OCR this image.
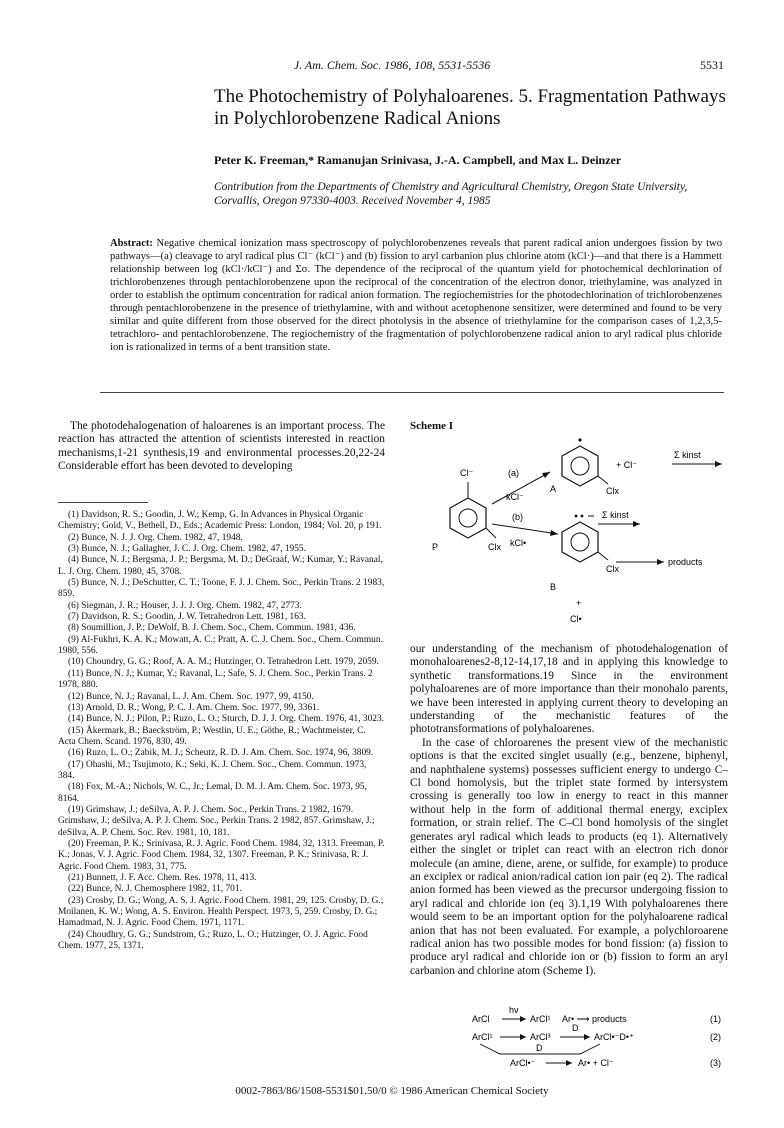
J. Am. Chem. Soc. 1986, 108, 5531-5536	5531
The Photochemistry of Polyhaloarenes. 5. Fragmentation Pathways in Polychlorobenzene Radical Anions
Peter K. Freeman,* Ramanujan Srinivasa, J.-A. Campbell, and Max L. Deinzer
Contribution from the Departments of Chemistry and Agricultural Chemistry, Oregon State University, Corvallis, Oregon 97330-4003. Received November 4, 1985
Abstract: Negative chemical ionization mass spectroscopy of polychlorobenzenes reveals that parent radical anion undergoes fission by two pathways—(a) cleavage to aryl radical plus Cl⁻ (kCl⁻) and (b) fission to aryl carbanion plus chlorine atom (kCl·)—and that there is a Hammett relationship between log (kCl·/kCl⁻) and Σσ. The dependence of the reciprocal of the quantum yield for photochemical dechlorination of trichlorobenzenes through pentachlorobenzene upon the reciprocal of the concentration of the electron donor, triethylamine, was analyzed in order to establish the optimum concentration for radical anion formation. The regiochemistries for the photodechlorination of trichlorobenzenes through pentachlorobenzene in the presence of triethylamine, with and without acetophenone sensitizer, were determined and found to be very similar and quite different from those observed for the direct photolysis in the absence of triethylamine for the comparison cases of 1,2,3,5-tetrachloro- and pentachlorobenzene. The regiochemistry of the fragmentation of polychlorobenzene radical anion to aryl radical plus chloride ion is rationalized in terms of a bent transition state.
The photodehalogenation of haloarenes is an important process. The reaction has attracted the attention of scientists interested in reaction mechanisms,1-21 synthesis,19 and environmental processes.20,22-24 Considerable effort has been devoted to developing

(1) Davidson, R. S.; Goodin, J. W.; Kemp, G. In Advances in Physical Organic Chemistry; Gold, V., Bethell, D., Eds.; Academic Press: London, 1984; Vol. 20, p 191.

(2) Bunce, N. J. J. Org. Chem. 1982, 47, 1948.

(3) Bunce, N. J.; Gallagher, J. C. J. Org. Chem. 1982, 47, 1955.

(4) Bunce, N. J.; Bergsma, J. P.; Bergsma, M. D.; DeGraaf, W.; Kumar, Y.; Ravanal, L. J. Org. Chem. 1980, 45, 3708.

(5) Bunce, N. J.; DeSchutter, C. T.; Toone, F. J. J. Chem. Soc., Perkin Trans. 2 1983, 859.

(6) Siegman, J. R.; Houser, J. J. J. Org. Chem. 1982, 47, 2773.

(7) Davidson, R. S.; Goodin, J. W. Tetrahedron Lett. 1981, 163.

(8) Soumillion, J. P.; DeWolf, B. J. Chem. Soc., Chem. Commun. 1981, 436.

(9) Al-Fukhri, K. A. K.; Mowatt, A. C.; Pratt, A. C. J. Chem. Soc., Chem. Commun. 1980, 556.

(10) Choundry, G. G.; Roof, A. A. M.; Hutzinger, O. Tetrahedron Lett. 1979, 2059.

(11) Bunce, N. J.; Kumar, Y.; Ravanal, L.; Safe, S. J. Chem. Soc., Perkin Trans. 2 1978, 880.

(12) Bunce, N. J.; Ravanal, L. J. Am. Chem. Soc. 1977, 99, 4150.

(13) Arnold, D. R.; Wong, P. C. J. Am. Chem. Soc. 1977, 99, 3361.

(14) Bunce, N. J.; Pilon, P.; Ruzo, L. O.; Sturch, D. J. J. Org. Chem. 1976, 41, 3023.

(15) Åkermark, B.; Baeckström, P.; Westlin, U. E.; Göthe, R.; Wachtmeister, C. Acta Chem. Scand. 1976, 830, 49.

(16) Ruzo, L. O.; Zabik, M. J.; Scheutz, R. D. J. Am. Chem. Soc. 1974, 96, 3809.

(17) Ohashi, M.; Tsujimoto, K.; Seki, K. J. Chem. Soc., Chem. Commun. 1973, 384.

(18) Fox, M.-A.; Nichols, W. C., Jr.; Lemal, D. M. J. Am. Chem. Soc. 1973, 95, 8164.

(19) Grimshaw, J.; deSilva, A. P. J. Chem. Soc., Perkin Trans. 2 1982, 1679. Grimshaw, J.; deSilva, A. P. J. Chem. Soc., Perkin Trans. 2 1982, 857. Grimshaw, J.; deSilva, A. P. Chem. Soc. Rev. 1981, 10, 181.

(20) Freeman, P. K.; Srinivasa, R. J. Agric. Food Chem. 1984, 32, 1313. Freeman, P. K.; Jonas, V. J. Agric. Food Chem. 1984, 32, 1307. Freeman, P. K.; Srinivasa, R. J. Agric. Food Chem. 1983, 31, 775.

(21) Bunnett, J. F. Acc. Chem. Res. 1978, 11, 413.

(22) Bunce, N. J. Chemosphere 1982, 11, 701.

(23) Crosby, D. G.; Wong, A. S. J. Agric. Food Chem. 1981, 29, 125. Crosby, D. G.; Moilanen, K. W.; Wong, A. S. Environ. Health Perspect. 1973, 5, 259. Crosby, D. G.; Hamadmad, N. J. Agric. Food Chem. 1971, 1171.

(24) Choudhry, G. G.; Sundstrom, G.; Ruzo, L. O.; Hutzinger, O. J. Agric. Food Chem. 1977, 25, 1371.

Scheme I
Cl⁻
P	Clx
(a)
kCl⁻
A	Clx
+ Cl⁻
Σ kinst
(b)
kCl•
Σ kinst
B
Clx
products
+
Cl•

our understanding of the mechanism of photodehalogenation of monohaloarenes2-8,12-14,17,18 and in applying this knowledge to synthetic transformations.19 Since in the environment polyhaloarenes are of more importance than their monohalo parents, we have been interested in applying current theory to developing an understanding of the mechanistic features of the phototransformations of polyhaloarenes.

In the case of chloroarenes the present view of the mechanistic options is that the excited singlet usually (e.g., benzene, biphenyl, and naphthalene systems) possesses sufficient energy to undergo C–Cl bond homolysis, but the triplet state formed by intersystem crossing is generally too low in energy to react in this manner without help in the form of additional thermal energy, exciplex formation, or strain relief. The C–Cl bond homolysis of the singlet generates aryl radical which leads to products (eq 1). Alternatively either the singlet or triplet can react with an electron rich donor molecule (an amine, diene, arene, or sulfide, for example) to produce an exciplex or radical anion/radical cation ion pair (eq 2). The radical anion formed has been viewed as the precursor undergoing fission to aryl radical and chloride ion (eq 3).1,19 With polyhaloarenes there would seem to be an important option for the polyhaloarene radical anion that has not been evaluated. For example, a polychloroarene radical anion has two possible modes for bond fission: (a) fission to produce aryl radical and chloride ion or (b) fission to form an aryl carbanion and chlorine atom (Scheme I).

ArCl
hν
ArCl¹ Ar• ⟶ products	(1)
ArCl¹	ArCl³
D
ArCl•⁻D•⁺	(2)
D
ArCl•⁻	Ar• + Cl⁻	(3)
0002-7863/86/1508-5531$01.50/0 © 1986 American Chemical Society
